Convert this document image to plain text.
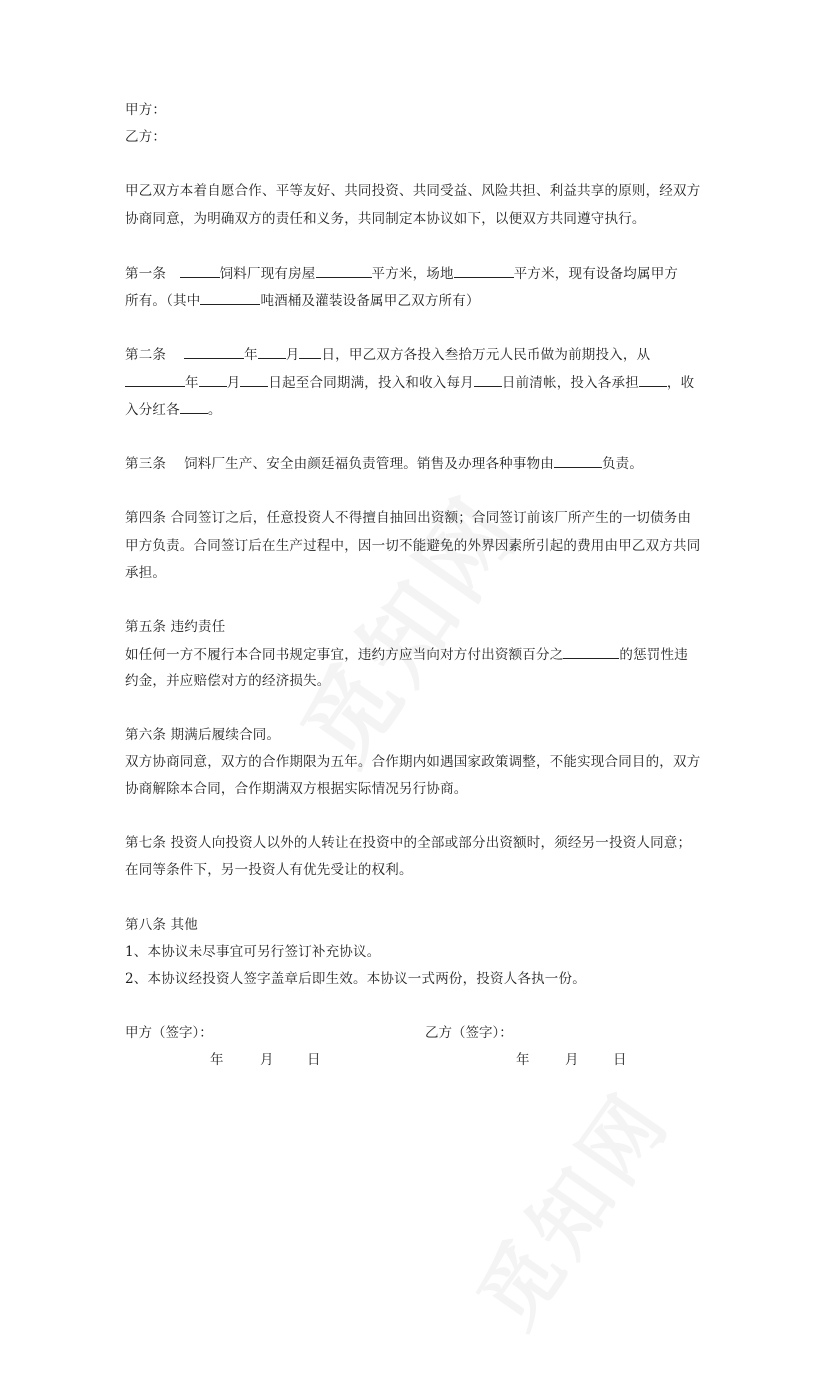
甲方：
乙方：
甲乙双方本着自愿合作、平等友好、共同投资、共同受益、风险共担、利益共享的原则，经双方
协商同意，为明确双方的责任和义务，共同制定本协议如下，以便双方共同遵守执行。
第一条	饲料厂现有房屋	平方米，场地	平方米，现有设备均属甲方
所有。（其中	吨酒桶及灌装设备属甲乙双方所有）
第二条	年 月 日，甲乙双方各投入叁拾万元人民币做为前期投入，从
年 月 日起至合同期满，投入和收入每月 日前清帐，投入各承担 ，收
入分红各 。
第三条 饲料厂生产、安全由颜廷福负责管理。销售及办理各种事物由	负责。
第四条 合同签订之后，任意投资人不得擅自抽回出资额；合同签订前该厂所产生的一切债务由
甲方负责。合同签订后在生产过程中，因一切不能避免的外界因素所引起的费用由甲乙双方共同
承担。
第五条 违约责任
如任何一方不履行本合同书规定事宜，违约方应当向对方付出资额百分之	的惩罚性违
约金，并应赔偿对方的经济损失。
第六条 期满后履续合同。
双方协商同意，双方的合作期限为五年。合作期内如遇国家政策调整，不能实现合同目的，双方
协商解除本合同，合作期满双方根据实际情况另行协商。
第七条 投资人向投资人以外的人转让在投资中的全部或部分出资额时，须经另一投资人同意；
在同等条件下，另一投资人有优先受让的权利。
第八条 其他
1、本协议未尽事宜可另行签订补充协议。
2、本协议经投资人签字盖章后即生效。本协议一式两份，投资人各执一份。
甲方（签字）：	乙方（签字）：
年	月 日	年	月	日
